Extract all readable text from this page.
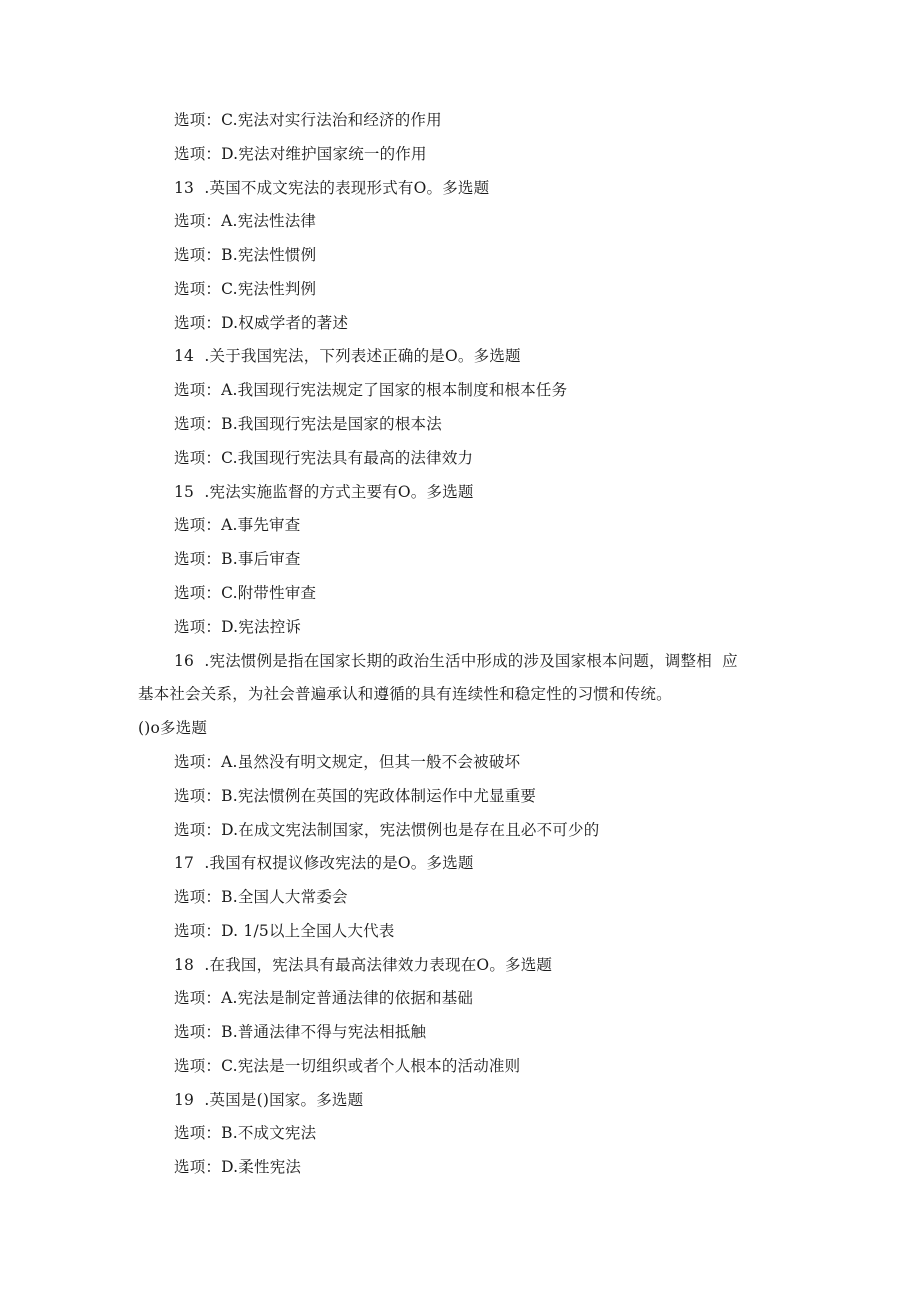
选项：C.宪法对实行法治和经济的作用
选项：D.宪法对维护国家统一的作用
13  .英国不成文宪法的表现形式有O。多选题
选项：A.宪法性法律
选项：B.宪法性惯例
选项：C.宪法性判例
选项：D.权威学者的著述
14  .关于我国宪法，下列表述正确的是O。多选题
选项：A.我国现行宪法规定了国家的根本制度和根本任务
选项：B.我国现行宪法是国家的根本法
选项：C.我国现行宪法具有最高的法律效力
15  .宪法实施监督的方式主要有O。多选题
选项：A.事先审查
选项：B.事后审查
选项：C.附带性审查
选项：D.宪法控诉
16  .宪法惯例是指在国家长期的政治生活中形成的涉及国家根本问题，调整相  应
基本社会关系，为社会普遍承认和遵循的具有连续性和稳定性的习惯和传统。
()o多选题
选项：A.虽然没有明文规定，但其一般不会被破坏
选项：B.宪法惯例在英国的宪政体制运作中尤显重要
选项：D.在成文宪法制国家，宪法惯例也是存在且必不可少的
17  .我国有权提议修改宪法的是O。多选题
选项：B.全国人大常委会
选项：D. 1/5以上全国人大代表
18  .在我国，宪法具有最高法律效力表现在O。多选题
选项：A.宪法是制定普通法律的依据和基础
选项：B.普通法律不得与宪法相抵触
选项：C.宪法是一切组织或者个人根本的活动准则
19  .英国是()国家。多选题
选项：B.不成文宪法
选项：D.柔性宪法
